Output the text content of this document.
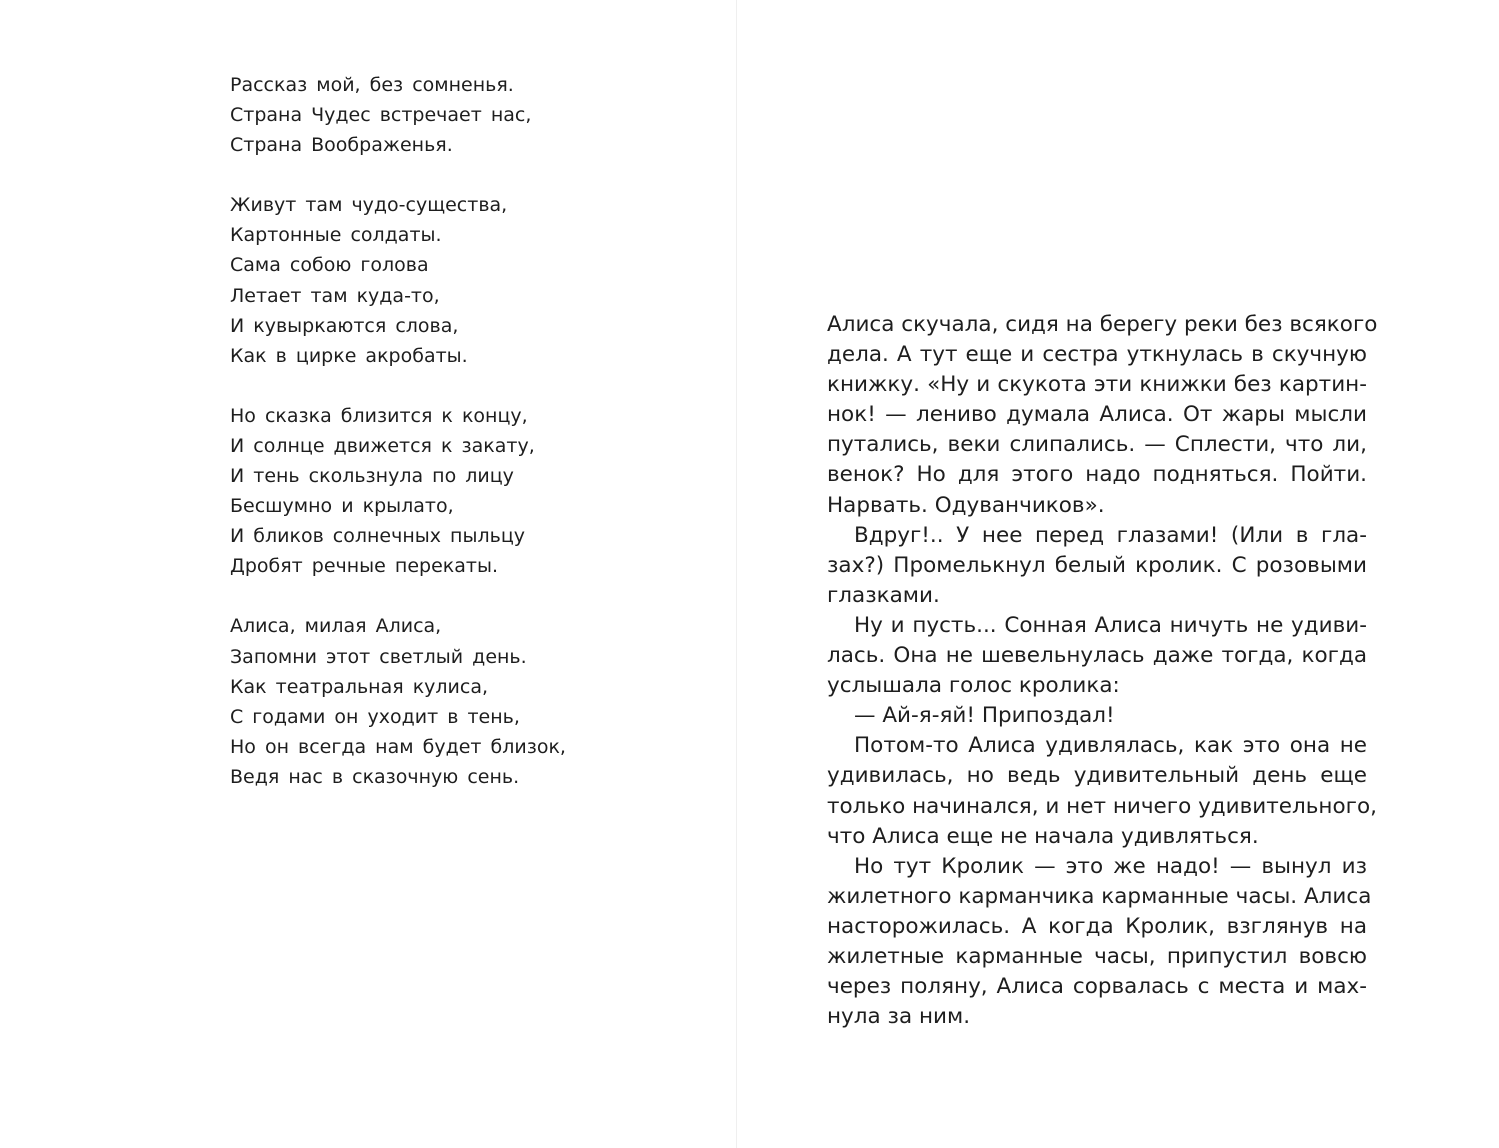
Рассказ мой, без сомненья.
Страна Чудес встречает нас,
Страна Воображенья.
Живут там чудо-существа,
Картонные солдаты.
Сама собою голова
Летает там куда-то,
И кувыркаются слова,
Как в цирке акробаты.
Но сказка близится к концу,
И солнце движется к закату,
И тень скользнула по лицу
Бесшумно и крылато,
И бликов солнечных пыльцу
Дробят речные перекаты.
Алиса, милая Алиса,
Запомни этот светлый день.
Как театральная кулиса,
С годами он уходит в тень,
Но он всегда нам будет близок,
Ведя нас в сказочную сень.
Алиса скучала, сидя на берегу реки без всякого
дела. А тут еще и сестра уткнулась в скучную
книжку. «Ну и скукота эти книжки без картин-
нок! — лениво думала Алиса. От жары мысли
путались, веки слипались. — Сплести, что ли,
венок? Но для этого надо подняться. Пойти.
Нарвать. Одуванчиков».
Вдруг!.. У нее перед глазами! (Или в гла-
зах?) Промелькнул белый кролик. С розовыми
глазками.
Ну и пусть... Сонная Алиса ничуть не удиви-
лась. Она не шевельнулась даже тогда, когда
услышала голос кролика:
— Ай-я-яй! Припоздал!
Потом-то Алиса удивлялась, как это она не
удивилась, но ведь удивительный день еще
только начинался, и нет ничего удивительного,
что Алиса еще не начала удивляться.
Но тут Кролик — это же надо! — вынул из
жилетного карманчика карманные часы. Алиса
насторожилась. А когда Кролик, взглянув на
жилетные карманные часы, припустил вовсю
через поляну, Алиса сорвалась с места и мах-
нула за ним.
